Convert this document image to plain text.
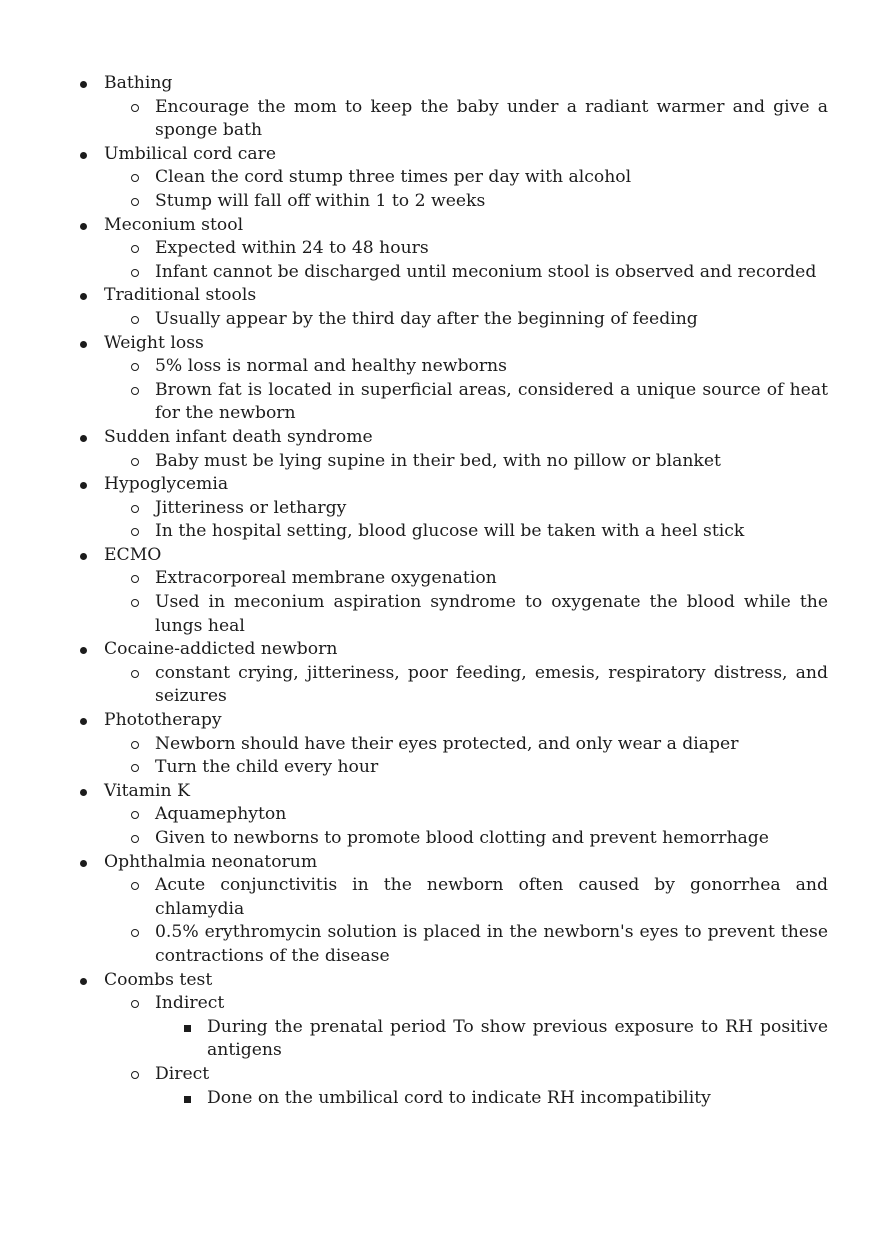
Bathing
Encourage the mom to keep the baby under a radiant warmer and give a sponge bath
Umbilical cord care
Clean the cord stump three times per day with alcohol
Stump will fall off within 1 to 2 weeks
Meconium stool
Expected within 24 to 48 hours
Infant cannot be discharged until meconium stool is observed and recorded
Traditional stools
Usually appear by the third day after the beginning of feeding
Weight loss
5% loss is normal and healthy newborns
Brown fat is located in superficial areas, considered a unique source of heat for the newborn
Sudden infant death syndrome
Baby must be lying supine in their bed, with no pillow or blanket
Hypoglycemia
Jitteriness or lethargy
In the hospital setting, blood glucose will be taken with a heel stick
ECMO
Extracorporeal membrane oxygenation
Used in meconium aspiration syndrome to oxygenate the blood while the lungs heal
Cocaine-addicted newborn
constant crying, jitteriness, poor feeding, emesis, respiratory distress, and seizures
Phototherapy
Newborn should have their eyes protected, and only wear a diaper
Turn the child every hour
Vitamin K
Aquamephyton
Given to newborns to promote blood clotting and prevent hemorrhage
Ophthalmia neonatorum
Acute conjunctivitis in the newborn often caused by gonorrhea and chlamydia
0.5% erythromycin solution is placed in the newborn's eyes to prevent these contractions of the disease
Coombs test
Indirect
During the prenatal period To show previous exposure to RH positive antigens
Direct
Done on the umbilical cord to indicate RH incompatibility
